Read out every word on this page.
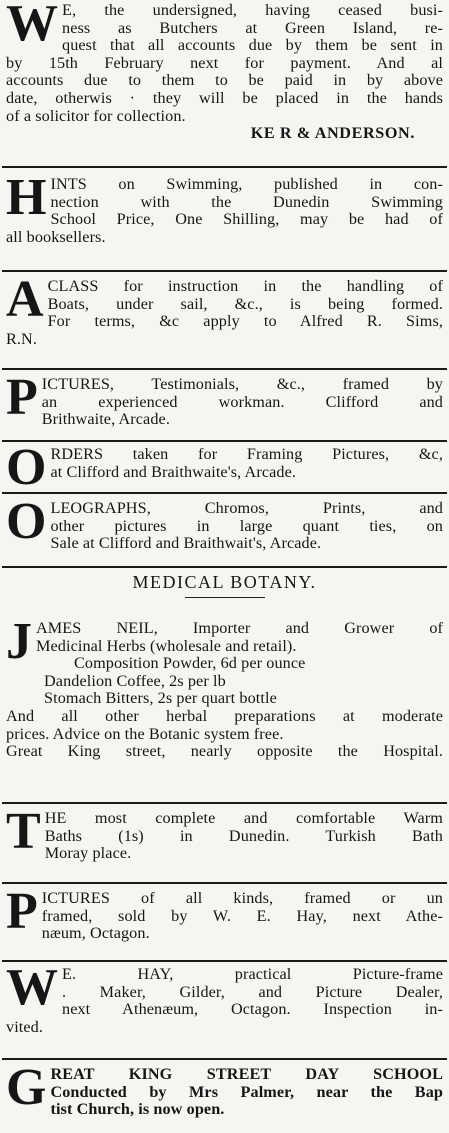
W E, the undersigned, having ceased busi-
ness as Butchers at Green Island, re-
quest that all accounts due by them be sent in
by 15th February next for payment. And al
accounts due to them to be paid in by above
date, otherwis · they will be placed in the hands
of a solicitor for collection.
KE R & ANDERSON.
H INTS on Swimming, published in con-
nection with the Dunedin Swimming
School Price, One Shilling, may be had of
all booksellers.
A CLASS for instruction in the handling of
Boats, under sail, &c., is being formed.
For terms, &c apply to Alfred R. Sims,
R.N.
P ICTURES, Testimonials, &c., framed by
an experienced workman. Clifford and
Brithwaite, Arcade.
O RDERS taken for Framing Pictures, &c,
at Clifford and Braithwaite's, Arcade.
O LEOGRAPHS, Chromos, Prints, and
other pictures in large quant ties, on
Sale at Clifford and Braithwait's, Arcade.
MEDICAL BOTANY.
J AMES NEIL, Importer and Grower of
Medicinal Herbs (wholesale and retail).
Composition Powder, 6d per ounce
Dandelion Coffee, 2s per lb
Stomach Bitters, 2s per quart bottle
And all other herbal preparations at moderate
prices. Advice on the Botanic system free.
Great King street, nearly opposite the Hospital.
T HE most complete and comfortable Warm
Baths (1s) in Dunedin. Turkish Bath
Moray place.
P ICTURES of all kinds, framed or un
framed, sold by W. E. Hay, next Athe-
næum, Octagon.
W E. HAY, practical Picture-frame
. Maker, Gilder, and Picture Dealer,
next Athenæum, Octagon. Inspection in-
vited.
G REAT KING STREET DAY SCHOOL
Conducted by Mrs Palmer, near the Bap
tist Church, is now open.
